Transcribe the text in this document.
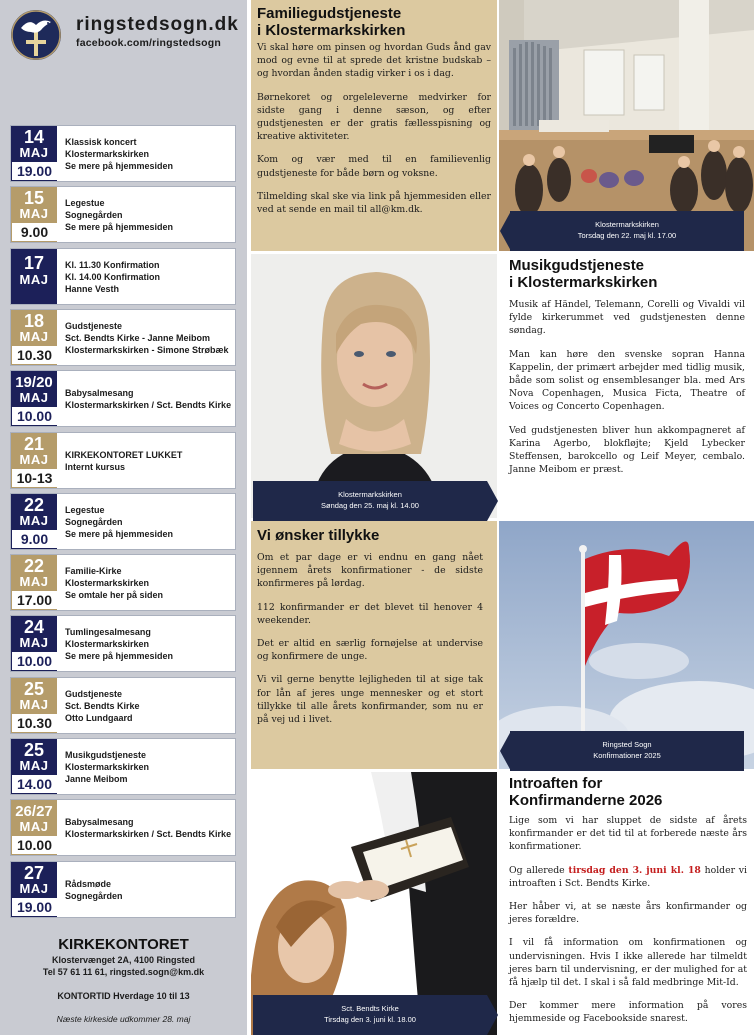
ringstedsogn.dk
facebook.com/ringstedsogn
14
MAJ
19.00
Klassisk koncert
Klostermarkskirken
Se mere på hjemmesiden
15
MAJ
9.00
Legestue
Sognegården
Se mere på hjemmesiden
17
MAJ
Kl. 11.30 Konfirmation
Kl. 14.00 Konfirmation
Hanne Vesth
18
MAJ
10.30
Gudstjeneste
Sct. Bendts Kirke - Janne Meibom
Klostermarkskirken - Simone Strøbæk
19/20
MAJ
10.00
Babysalmesang
Klostermarkskirken / Sct. Bendts Kirke
21
MAJ
10-13
KIRKEKONTORET LUKKET
Internt kursus
22
MAJ
9.00
Legestue
Sognegården
Se mere på hjemmesiden
22
MAJ
17.00
Familie-Kirke
Klostermarkskirken
Se omtale her på siden
24
MAJ
10.00
Tumlingesalmesang
Klostermarkskirken
Se mere på hjemmesiden
25
MAJ
10.30
Gudstjeneste
Sct. Bendts Kirke
Otto Lundgaard
25
MAJ
14.00
Musikgudstjeneste
Klostermarkskirken
Janne Meibom
26/27
MAJ
10.00
Babysalmesang
Klostermarkskirken / Sct. Bendts Kirke
27
MAJ
19.00
Rådsmøde
Sognegården
KIRKEKONTORET
Klostervænget 2A, 4100 Ringsted
Tel 57 61 11 61, ringsted.sogn@km.dk
KONTORTID Hverdage 10 til 13
Næste kirkeside udkommer 28. maj
Familiegudstjeneste
i Klostermarkskirken

Vi skal høre om pinsen og hvordan Guds ånd gav mod og evne til at sprede det kristne budskab – og hvordan ånden stadig virker i os i dag.

Børnekoret og orgeleleverne medvirker for sidste gang i denne sæson, og efter gudstjenesten er der gratis fællesspisning og kreative aktiviteter.

Kom og vær med til en familievenlig gudstjeneste for både børn og voksne.

Tilmelding skal ske via link på hjemmesiden eller ved at sende en mail til all@km.dk.

Klostermarkskirken
Torsdag den 22. maj kl. 17.00
Klostermarkskirken
Søndag den 25. maj kl. 14.00
Musikgudstjeneste
i Klostermarkskirken

Musik af Händel, Telemann, Corelli og Vivaldi vil fylde kirkerummet ved gudstjenesten denne søndag.

Man kan høre den svenske sopran Hanna Kappelin, der primært arbejder med tidlig musik, både som solist og ensemblesanger bla. med Ars Nova Copenhagen, Musica Ficta, Theatre of Voices og Concerto Copenhagen.

Ved gudstjenesten bliver hun akkompagneret af Karina Agerbo, blokfløjte; Kjeld Lybecker Steffensen, barokcello og Leif Meyer, cembalo. Janne Meibom er præst.

Vi ønsker tillykke

Om et par dage er vi endnu en gang nået igennem årets konfirmationer - de sidste konfirmeres på lørdag.

112 konfirmander er det blevet til henover 4 weekender.

Det er altid en særlig fornøjelse at undervise og konfirmere de unge.

Vi vil gerne benytte lejligheden til at sige tak for lån af jeres unge mennesker og et stort tillykke til alle årets konfirmander, som nu er på vej ud i livet.

Ringsted Sogn
Konfirmationer 2025
Sct. Bendts Kirke
Tirsdag den 3. juni kl. 18.00
Introaften for
Konfirmanderne 2026

Lige som vi har sluppet de sidste af årets konfirmander er det tid til at forberede næste års konfirmationer.

Og allerede tirsdag den 3. juni kl. 18 holder vi introaften i Sct. Bendts Kirke.

Her håber vi, at se næste års konfirmander og jeres forældre.

I vil få information om konfirmationen og undervisningen. Hvis I ikke allerede har tilmeldt jeres barn til undervisning, er der mulighed for at få hjælp til det. I skal i så fald medbringe Mit-Id.

Der kommer mere information på vores hjemmeside og Facebookside snarest.
